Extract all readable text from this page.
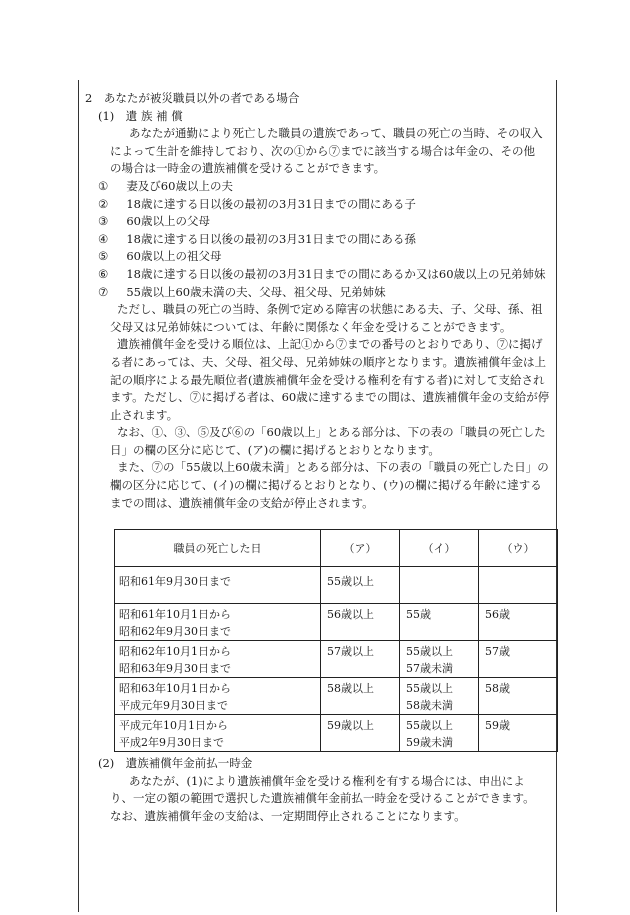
2　あなたが被災職員以外の者である場合
(1)　遺 族 補 償
あなたが通勤により死亡した職員の遺族であって、職員の死亡の当時、その収入
によって生計を維持しており、次の①から⑦までに該当する場合は年金の、その他
の場合は一時金の遺族補償を受けることができます。
① 妻及び60歳以上の夫
② 18歳に達する日以後の最初の3月31日までの間にある子
③ 60歳以上の父母
④ 18歳に達する日以後の最初の3月31日までの間にある孫
⑤ 60歳以上の祖父母
⑥ 18歳に達する日以後の最初の3月31日までの間にあるか又は60歳以上の兄弟姉妹
⑦ 55歳以上60歳未満の夫、父母、祖父母、兄弟姉妹
ただし、職員の死亡の当時、条例で定める障害の状態にある夫、子、父母、孫、祖
父母又は兄弟姉妹については、年齢に関係なく年金を受けることができます。
遺族補償年金を受ける順位は、上記①から⑦までの番号のとおりであり、⑦に掲げ
る者にあっては、夫、父母、祖父母、兄弟姉妹の順序となります。遺族補償年金は上
記の順序による最先順位者(遺族補償年金を受ける権利を有する者)に対して支給され
ます。ただし、⑦に掲げる者は、60歳に達するまでの間は、遺族補償年金の支給が停
止されます。
なお、①、③、⑤及び⑥の「60歳以上」とある部分は、下の表の「職員の死亡した
日」の欄の区分に応じて、(ア)の欄に掲げるとおりとなります。
また、⑦の「55歳以上60歳未満」とある部分は、下の表の「職員の死亡した日」の
欄の区分に応じて、(イ)の欄に掲げるとおりとなり、(ウ)の欄に掲げる年齢に達する
までの間は、遺族補償年金の支給が停止されます。
職員の死亡した日	（ア）	（イ）	（ウ）

昭和61年9月30日まで	55歳以上		

昭和61年10月1日から
昭和62年9月30日まで	56歳以上	55歳	56歳

昭和62年10月1日から
昭和63年9月30日まで	57歳以上	55歳以上
57歳未満	57歳

昭和63年10月1日から
平成元年9月30日まで	58歳以上	55歳以上
58歳未満	58歳

平成元年10月1日から
平成2年9月30日まで	59歳以上	55歳以上
59歳未満	59歳
(2)　遺族補償年金前払一時金
あなたが、(1)により遺族補償年金を受ける権利を有する場合には、申出によ
り、一定の額の範囲で選択した遺族補償年金前払一時金を受けることができます。
なお、遺族補償年金の支給は、一定期間停止されることになります。
